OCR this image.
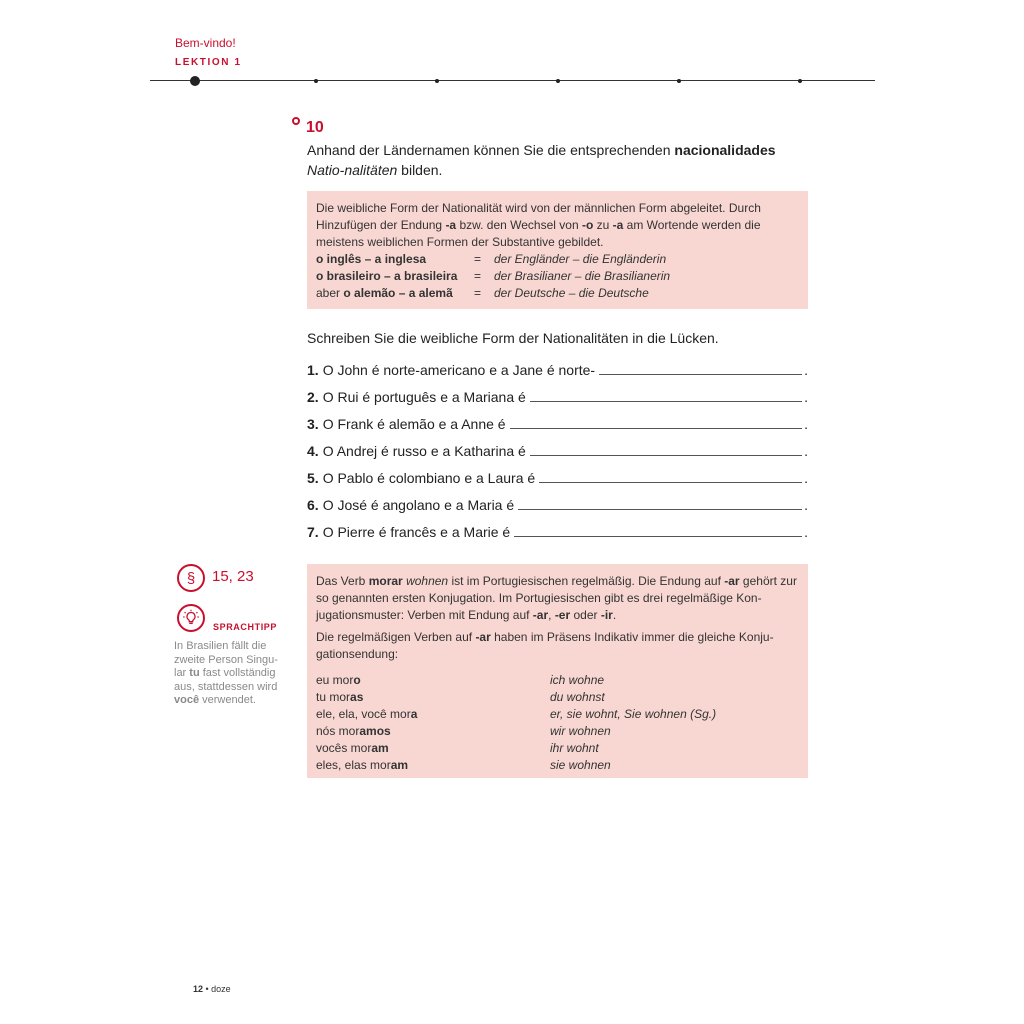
Bem-vindo!
LEKTION 1
10
Anhand der Ländernamen können Sie die entsprechenden nacionalidades Natio-nalitäten bilden.
Die weibliche Form der Nationalität wird von der männlichen Form abgeleitet. Durch Hinzufügen der Endung -a bzw. den Wechsel von -o zu -a am Wortende werden die meistens weiblichen Formen der Substantive gebildet.
o inglês – a inglesa	=	der Engländer – die Engländerin
o brasileiro – a brasileira	=	der Brasilianer – die Brasilianerin
aber o alemão – a alemã	=	der Deutsche – die Deutsche
Schreiben Sie die weibliche Form der Nationalitäten in die Lücken.
1. O John é norte-americano e a Jane é norte-	.
2. O Rui é português e a Mariana é	.
3. O Frank é alemão e a Anne é	.
4. O Andrej é russo e a Katharina é	.
5. O Pablo é colombiano e a Laura é	.
6. O José é angolano e a Maria é	.
7. O Pierre é francês e a Marie é	.
§ 15, 23
SPRACHTIPP
In Brasilien fällt die zweite Person Singu-lar tu fast vollständig aus, stattdessen wird você verwendet.
Das Verb morar wohnen ist im Portugiesischen regelmäßig. Die Endung auf -ar gehört zur so genannten ersten Konjugation. Im Portugiesischen gibt es drei regelmäßige Kon-jugationsmuster: Verben mit Endung auf -ar, -er oder -ir.
Die regelmäßigen Verben auf -ar haben im Präsens Indikativ immer die gleiche Konju-gationsendung:
eu moro	ich wohne
tu moras	du wohnst
ele, ela, você mora	er, sie wohnt, Sie wohnen (Sg.)
nós moramos	wir wohnen
vocês moram	ihr wohnt
eles, elas moram	sie wohnen
12 • doze
